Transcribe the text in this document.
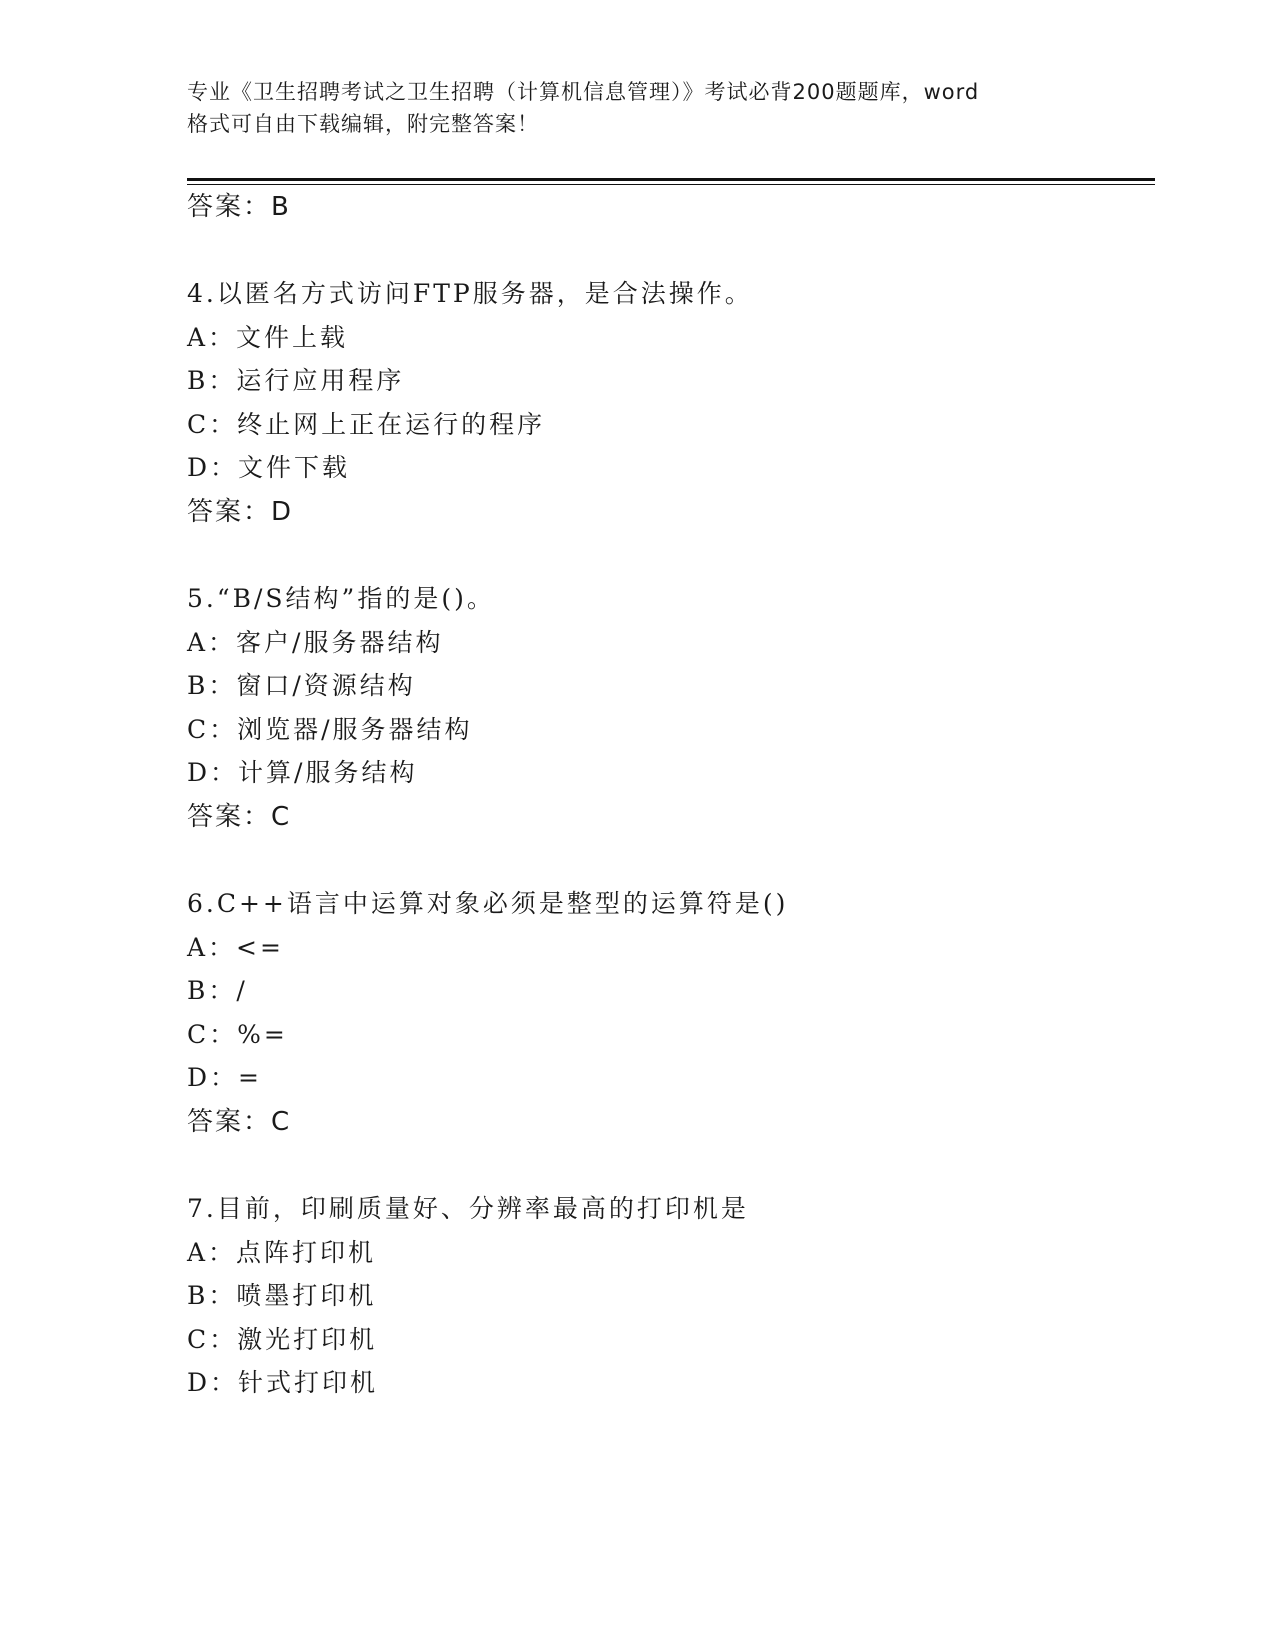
专业《卫生招聘考试之卫生招聘（计算机信息管理）》考试必背200题题库，word
格式可自由下载编辑，附完整答案！
答案：B
4.以匿名方式访问FTP服务器，是合法操作。
A：文件上载
B：运行应用程序
C：终止网上正在运行的程序
D：文件下载
答案：D
5.“B/S结构”指的是()。
A：客户/服务器结构
B：窗口/资源结构
C：浏览器/服务器结构
D：计算/服务结构
答案：C
6.C++语言中运算对象必须是整型的运算符是()
A：<=
B：/
C：%=
D：=
答案：C
7.目前，印刷质量好、分辨率最高的打印机是
A：点阵打印机
B：喷墨打印机
C：激光打印机
D：针式打印机
